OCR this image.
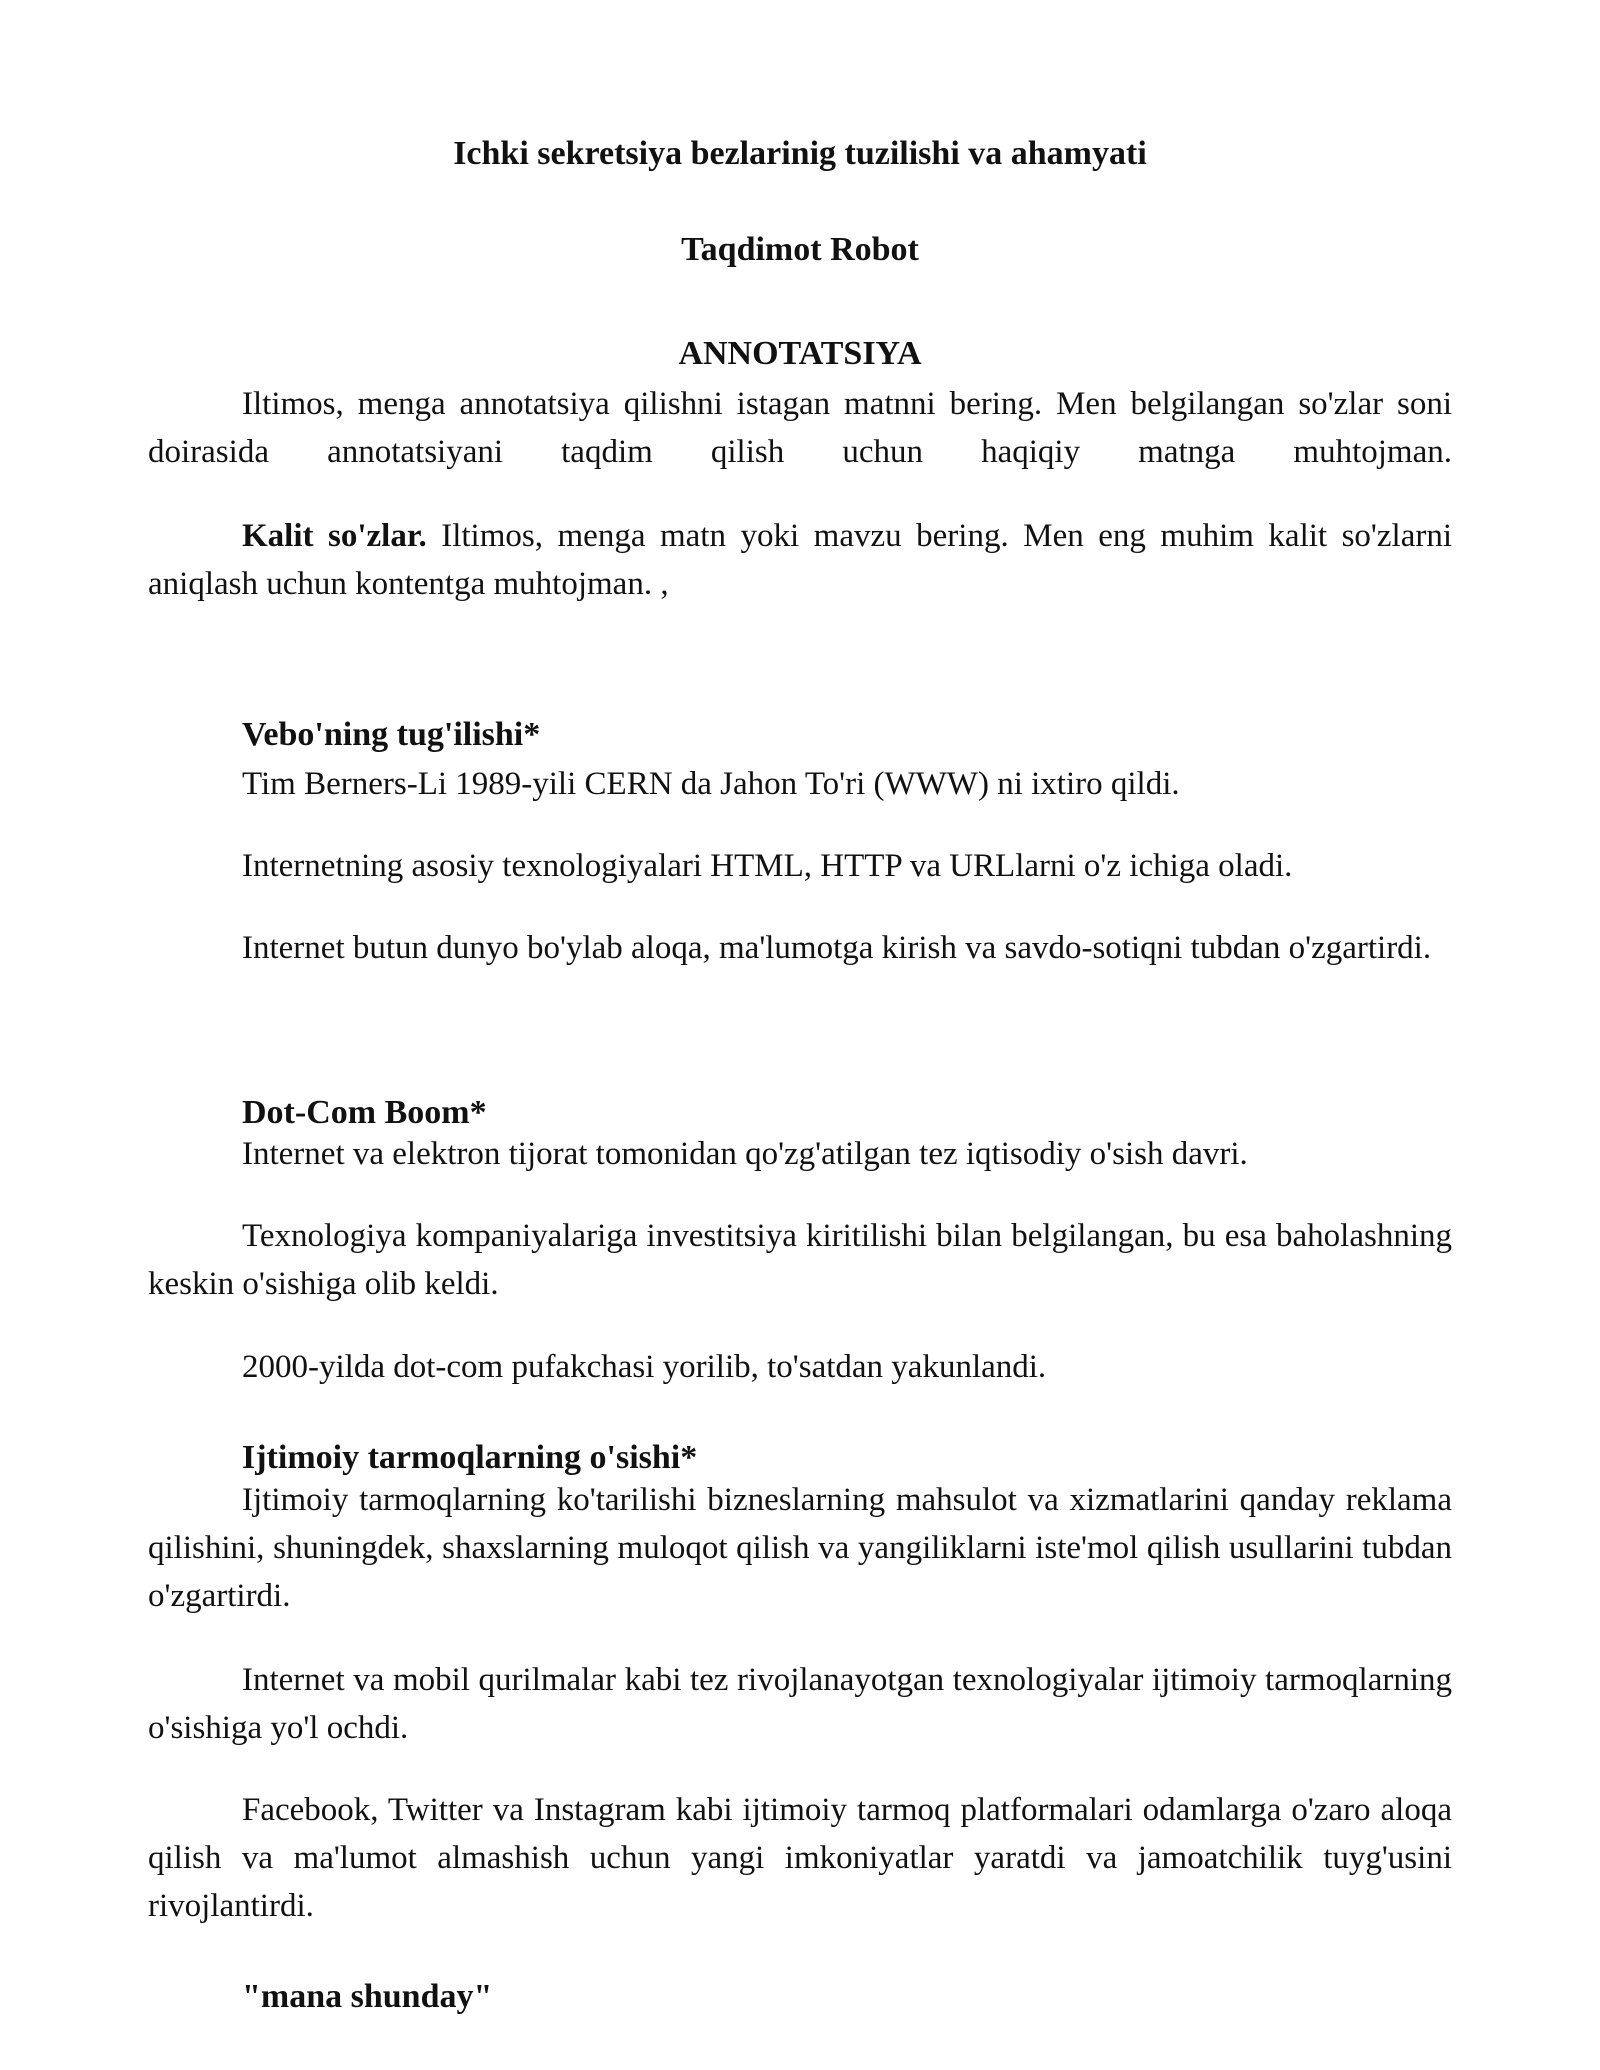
Ichki sekretsiya bezlarinig tuzilishi va ahamyati
Taqdimot Robot
ANNOTATSIYA

Iltimos, menga annotatsiya qilishni istagan matnni bering. Men belgilangan so'zlar soni doirasida annotatsiyani taqdim qilish uchun haqiqiy matnga muhtojman.

Kalit so'zlar. Iltimos, menga matn yoki mavzu bering. Men eng muhim kalit so'zlarni aniqlash uchun kontentga muhtojman. ,

Vebo'ning tug'ilishi*

Tim Berners-Li 1989-yili CERN da Jahon To'ri (WWW) ni ixtiro qildi.

Internetning asosiy texnologiyalari HTML, HTTP va URLlarni o'z ichiga oladi.

Internet butun dunyo bo'ylab aloqa, ma'lumotga kirish va savdo-sotiqni tubdan o'zgartirdi.

Dot-Com Boom*

Internet va elektron tijorat tomonidan qo'zg'atilgan tez iqtisodiy o'sish davri.

Texnologiya kompaniyalariga investitsiya kiritilishi bilan belgilangan, bu esa baholashning keskin o'sishiga olib keldi.

2000-yilda dot-com pufakchasi yorilib, to'satdan yakunlandi.

Ijtimoiy tarmoqlarning o'sishi*

Ijtimoiy tarmoqlarning ko'tarilishi bizneslarning mahsulot va xizmatlarini qanday reklama qilishini, shuningdek, shaxslarning muloqot qilish va yangiliklarni iste'mol qilish usullarini tubdan o'zgartirdi.

Internet va mobil qurilmalar kabi tez rivojlanayotgan texnologiyalar ijtimoiy tarmoqlarning o'sishiga yo'l ochdi.

Facebook, Twitter va Instagram kabi ijtimoiy tarmoq platformalari odamlarga o'zaro aloqa qilish va ma'lumot almashish uchun yangi imkoniyatlar yaratdi va jamoatchilik tuyg'usini rivojlantirdi.

"mana shunday"
